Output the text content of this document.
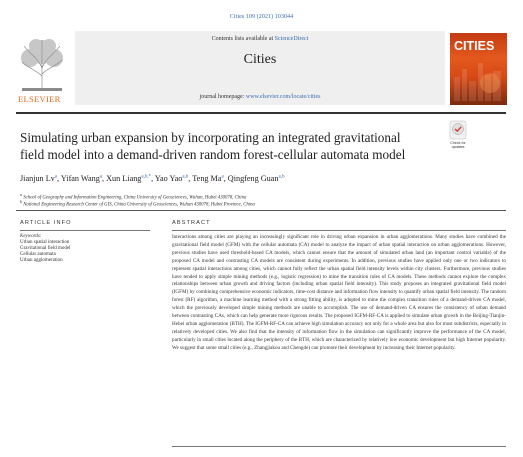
Cities 109 (2021) 103044
ELSEVIER
Contents lists available at ScienceDirect
Cities
journal homepage: www.elsevier.com/locate/cities
CITIES
Simulating urban expansion by incorporating an integrated gravitational
field model into a demand-driven random forest-cellular automata model
Check for
updates
Jianjun Lv$^a$, Yifan Wang$^a$, Xun Liang$^{a,b,*}$, Yao Yao$^{a,b}$, Teng Ma$^a$, Qingfeng Guan$^{a,b}$
$^a$ School of Geography and Information Engineering, China University of Geosciences, Wuhan, Hubei 430078, China
$^b$ National Engineering Research Center of GIS, China University of Geosciences, Wuhan 430078, Hubei Province, China
ARTICLE INFO
Keywords:
Urban spatial interaction
Gravitational field model
Cellular automata
Urban agglomeration
ABSTRACT
Interactions among cities are playing an increasingly significant role in driving urban expansion in urban agglomerations. Many studies have combined the gravitational field model (GFM) with the cellular automata (CA) model to analyze the impact of urban spatial interaction on urban agglomerations. However, previous studies have used threshold-based CA models, which cannot ensure that the amount of simulated urban land (an important control variable) of the proposed CA model and contrasting CA models are consistent during experiments. In addition, previous studies have applied only one or two indicators to represent spatial interactions among cities, which cannot fully reflect the urban spatial field intensity levels within city clusters. Furthermore, previous studies have tended to apply simple mining methods (e.g., logistic regression) to mine the transition rules of CA models. These methods cannot explore the complex relationships between urban growth and driving factors (including urban spatial field intensity). This study proposes an integrated gravitational field model (IGFM) by combining comprehensive economic indicators, time-cost distance and information flow intensity to quantify urban spatial field intensity. The random forest (RF) algorithm, a machine learning method with a strong fitting ability, is adopted to mine the complex transition rules of a demand-driven CA model, which the previously developed simple mining methods are unable to accomplish. The use of demand-driven CA ensures the consistency of urban demand between contrasting CAs, which can help generate more rigorous results. The proposed IGFM-RF-CA is applied to simulate urban growth in the Beijing-Tianjin-Hebei urban agglomeration (BTH). The IGFM-RF-CA can achieve high simulation accuracy not only for a whole area but also for most subdistricts, especially in relatively developed cities. We also find that the intensity of information flow in the simulation can significantly improve the performance of the CA model, particularly in small cities located along the periphery of the BTH, which are characterized by relatively low economic development but high Internet popularity. We suggest that some small cities (e.g., Zhangjiakou and Chengde) can promote their development by increasing their Internet popularity.
